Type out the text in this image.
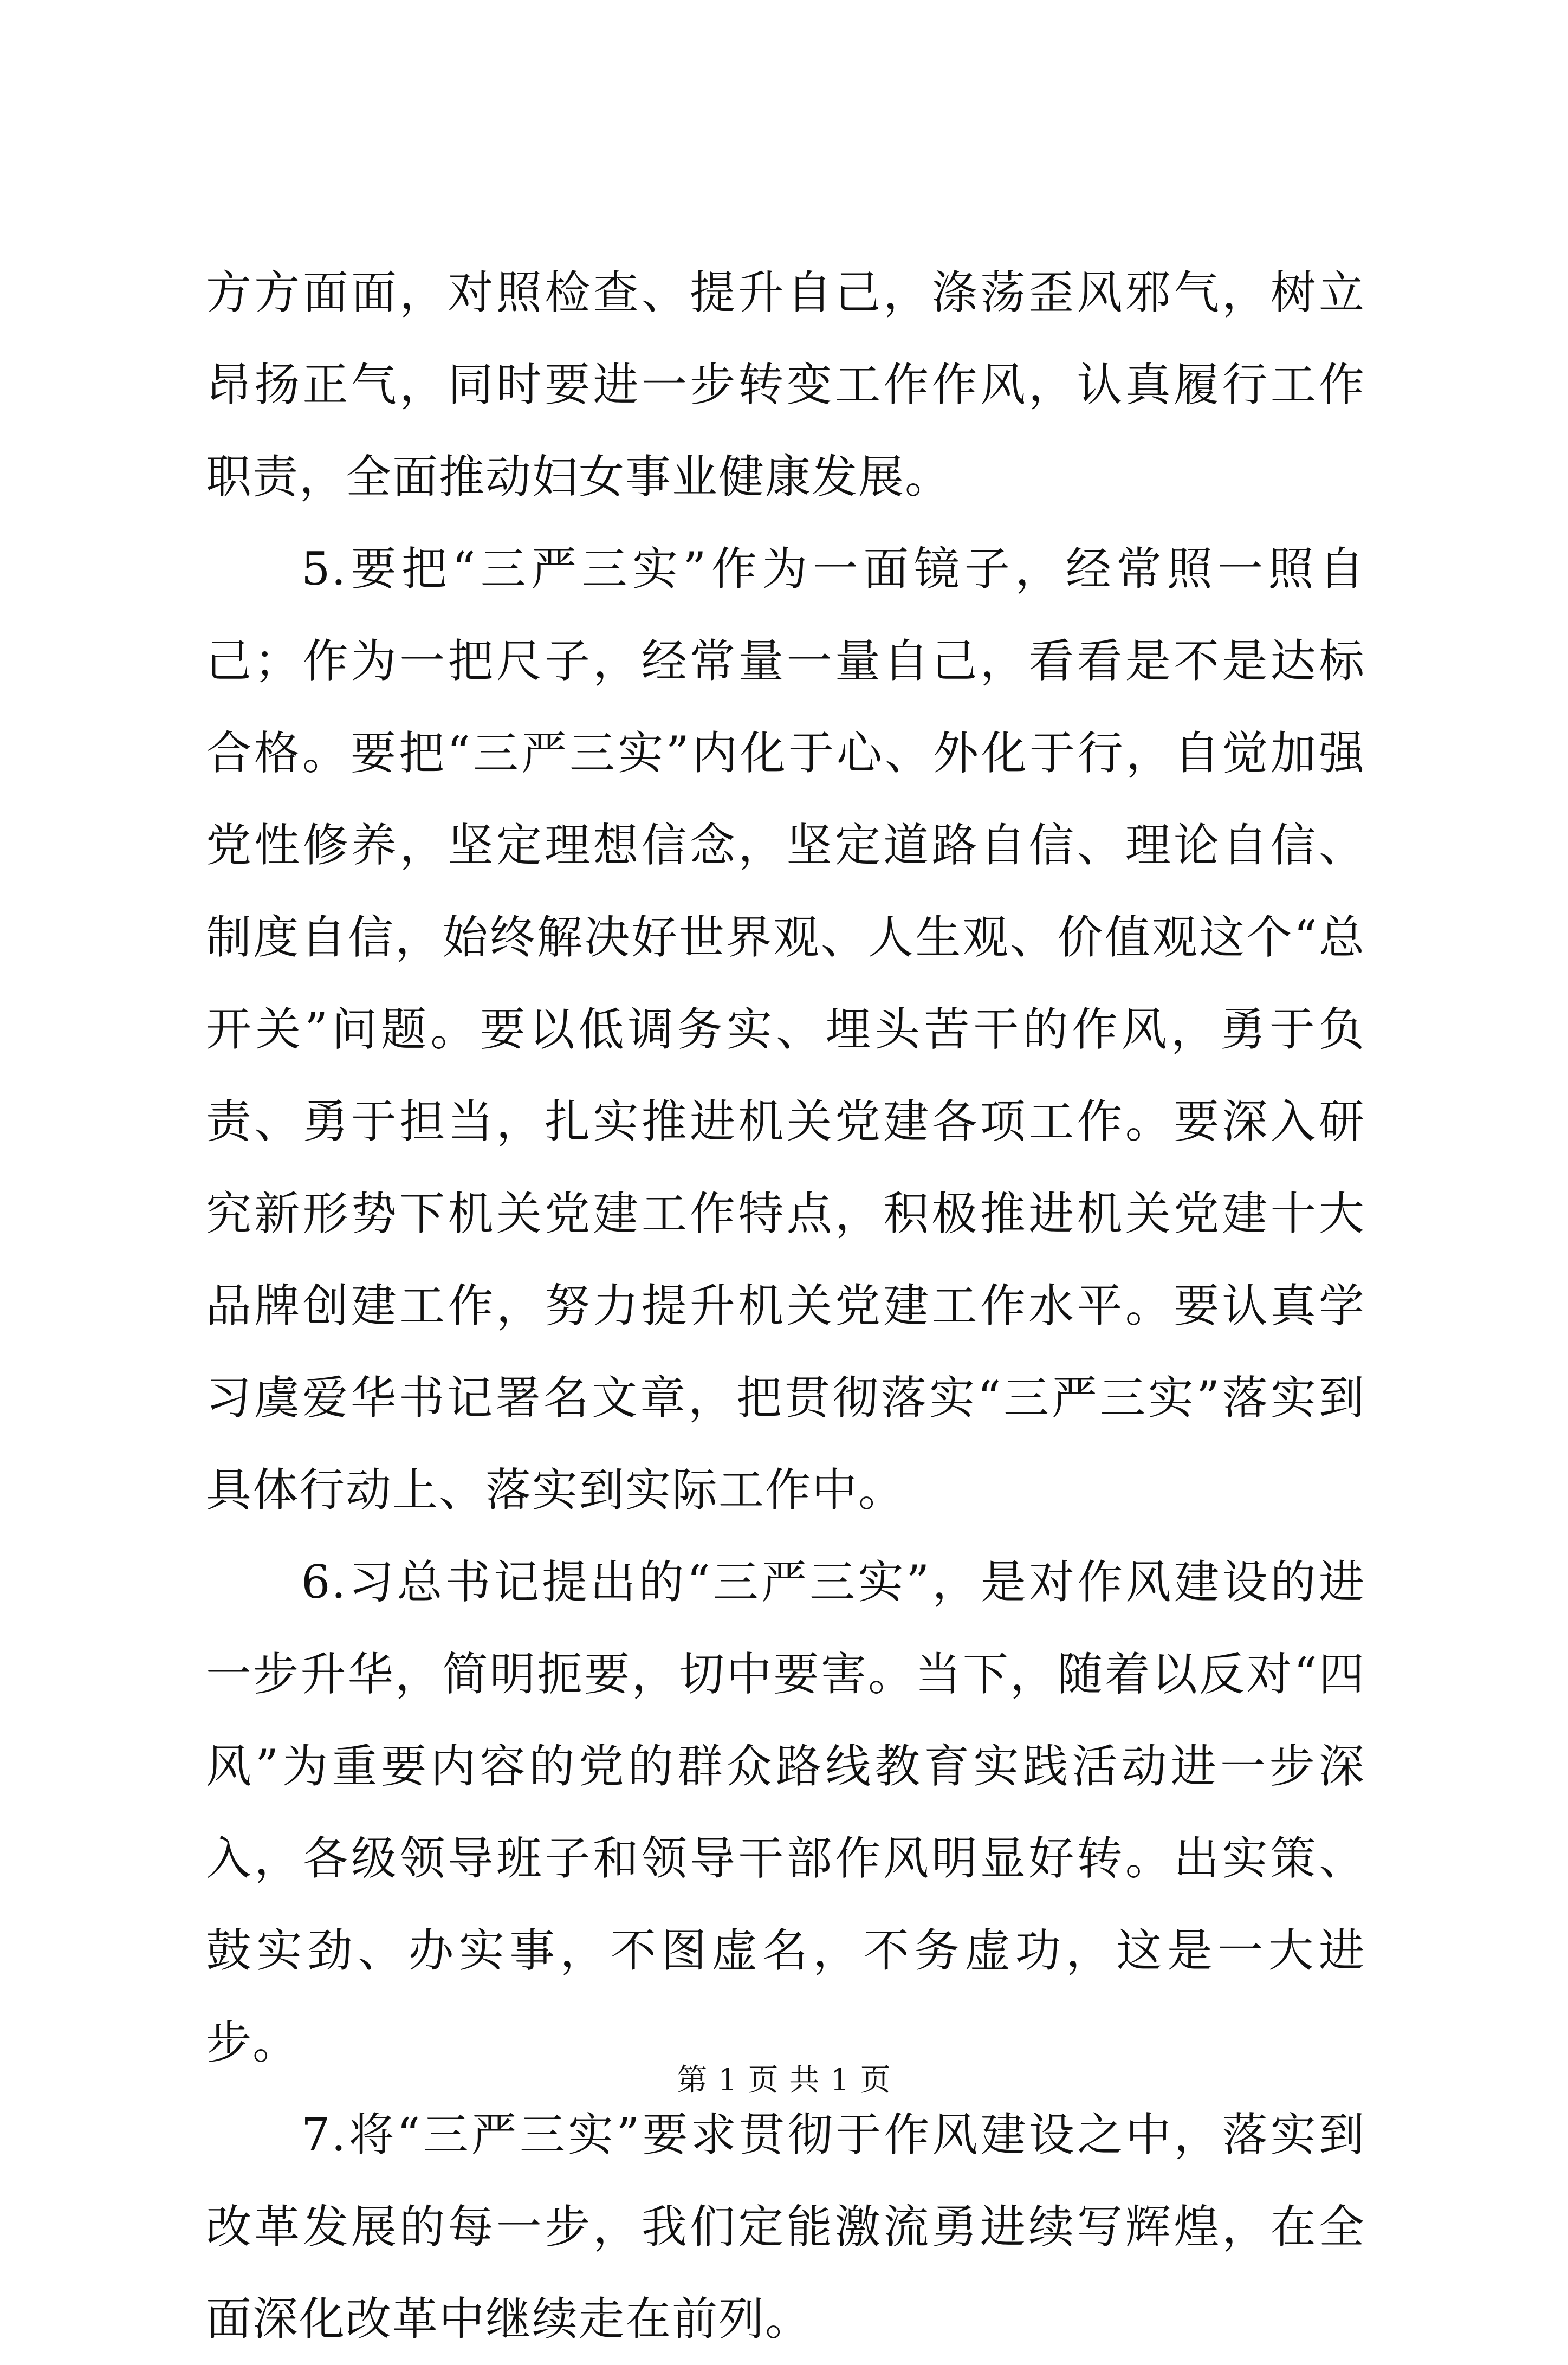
方方面面，对照检查、提升自己，涤荡歪风邪气，树立昂扬正气，同时要进一步转变工作作风，认真履行工作职责，全面推动妇女事业健康发展。

5.要把“三严三实”作为一面镜子，经常照一照自己；作为一把尺子，经常量一量自己，看看是不是达标合格。要把“三严三实”内化于心、外化于行，自觉加强党性修养，坚定理想信念，坚定道路自信、理论自信、制度自信，始终解决好世界观、人生观、价值观这个“总开关”问题。要以低调务实、埋头苦干的作风，勇于负责、勇于担当，扎实推进机关党建各项工作。要深入研究新形势下机关党建工作特点，积极推进机关党建十大品牌创建工作，努力提升机关党建工作水平。要认真学习虞爱华书记署名文章，把贯彻落实“三严三实”落实到具体行动上、落实到实际工作中。

6.习总书记提出的“三严三实”，是对作风建设的进一步升华，简明扼要，切中要害。当下，随着以反对“四风”为重要内容的党的群众路线教育实践活动进一步深入，各级领导班子和领导干部作风明显好转。出实策、鼓实劲、办实事，不图虚名，不务虚功，这是一大进步。

7.将“三严三实”要求贯彻于作风建设之中，落实到改革发展的每一步，我们定能激流勇进续写辉煌，在全面深化改革中继续走在前列。

第 1 页 共 1 页
